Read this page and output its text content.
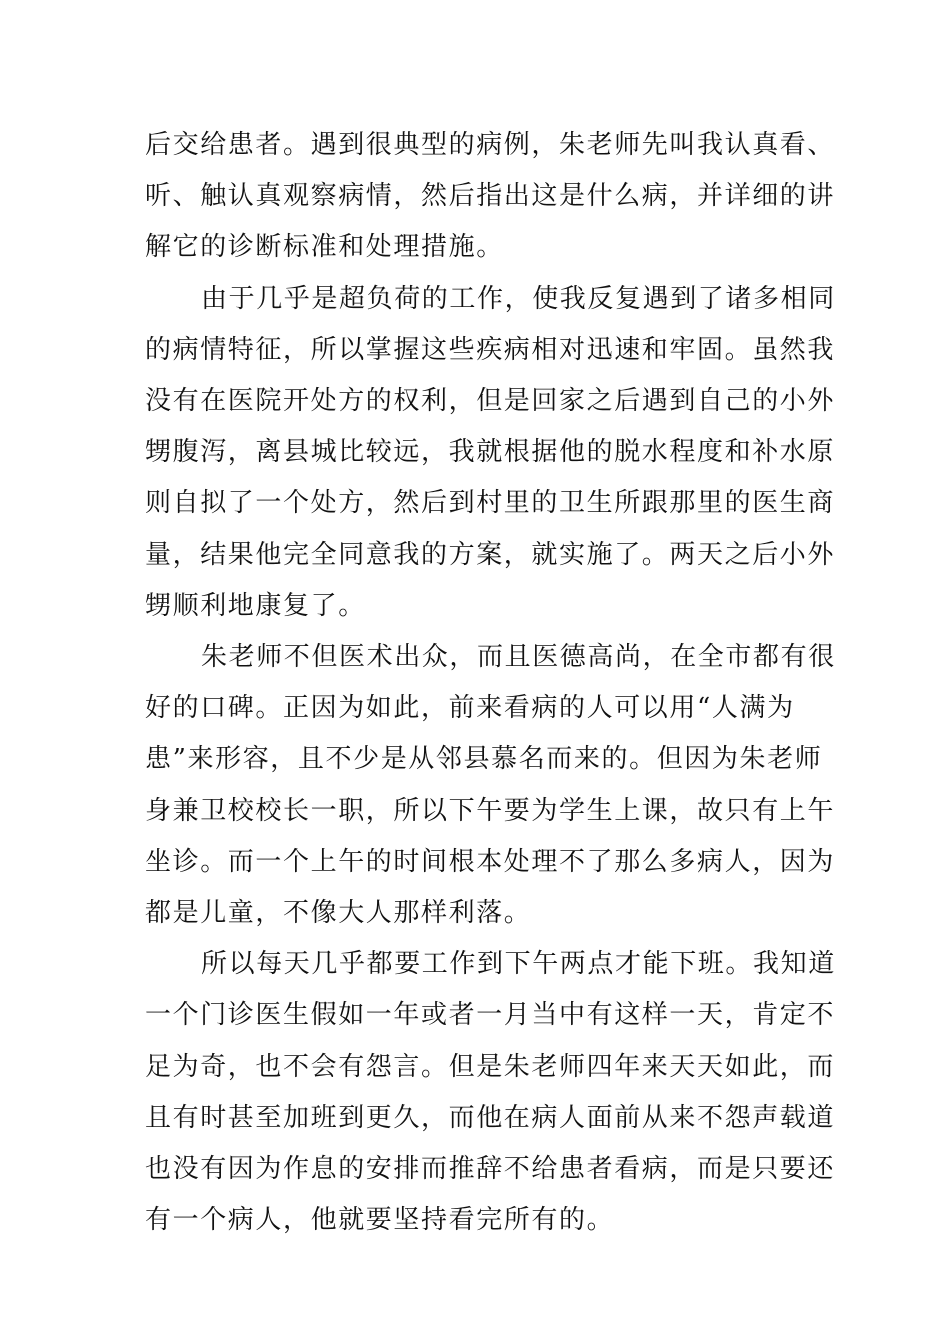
后交给患者。遇到很典型的病例，朱老师先叫我认真看、
听、触认真观察病情，然后指出这是什么病，并详细的讲
解它的诊断标准和处理措施。

由于几乎是超负荷的工作，使我反复遇到了诸多相同
的病情特征，所以掌握这些疾病相对迅速和牢固。虽然我
没有在医院开处方的权利，但是回家之后遇到自己的小外
甥腹泻，离县城比较远，我就根据他的脱水程度和补水原
则自拟了一个处方，然后到村里的卫生所跟那里的医生商
量，结果他完全同意我的方案，就实施了。两天之后小外
甥顺利地康复了。

朱老师不但医术出众，而且医德高尚，在全市都有很
好的口碑。正因为如此，前来看病的人可以用“人满为
患”来形容，且不少是从邻县慕名而来的。但因为朱老师
身兼卫校校长一职，所以下午要为学生上课，故只有上午
坐诊。而一个上午的时间根本处理不了那么多病人，因为
都是儿童，不像大人那样利落。

所以每天几乎都要工作到下午两点才能下班。我知道
一个门诊医生假如一年或者一月当中有这样一天，肯定不
足为奇，也不会有怨言。但是朱老师四年来天天如此，而
且有时甚至加班到更久，而他在病人面前从来不怨声载道
也没有因为作息的安排而推辞不给患者看病，而是只要还
有一个病人，他就要坚持看完所有的。
